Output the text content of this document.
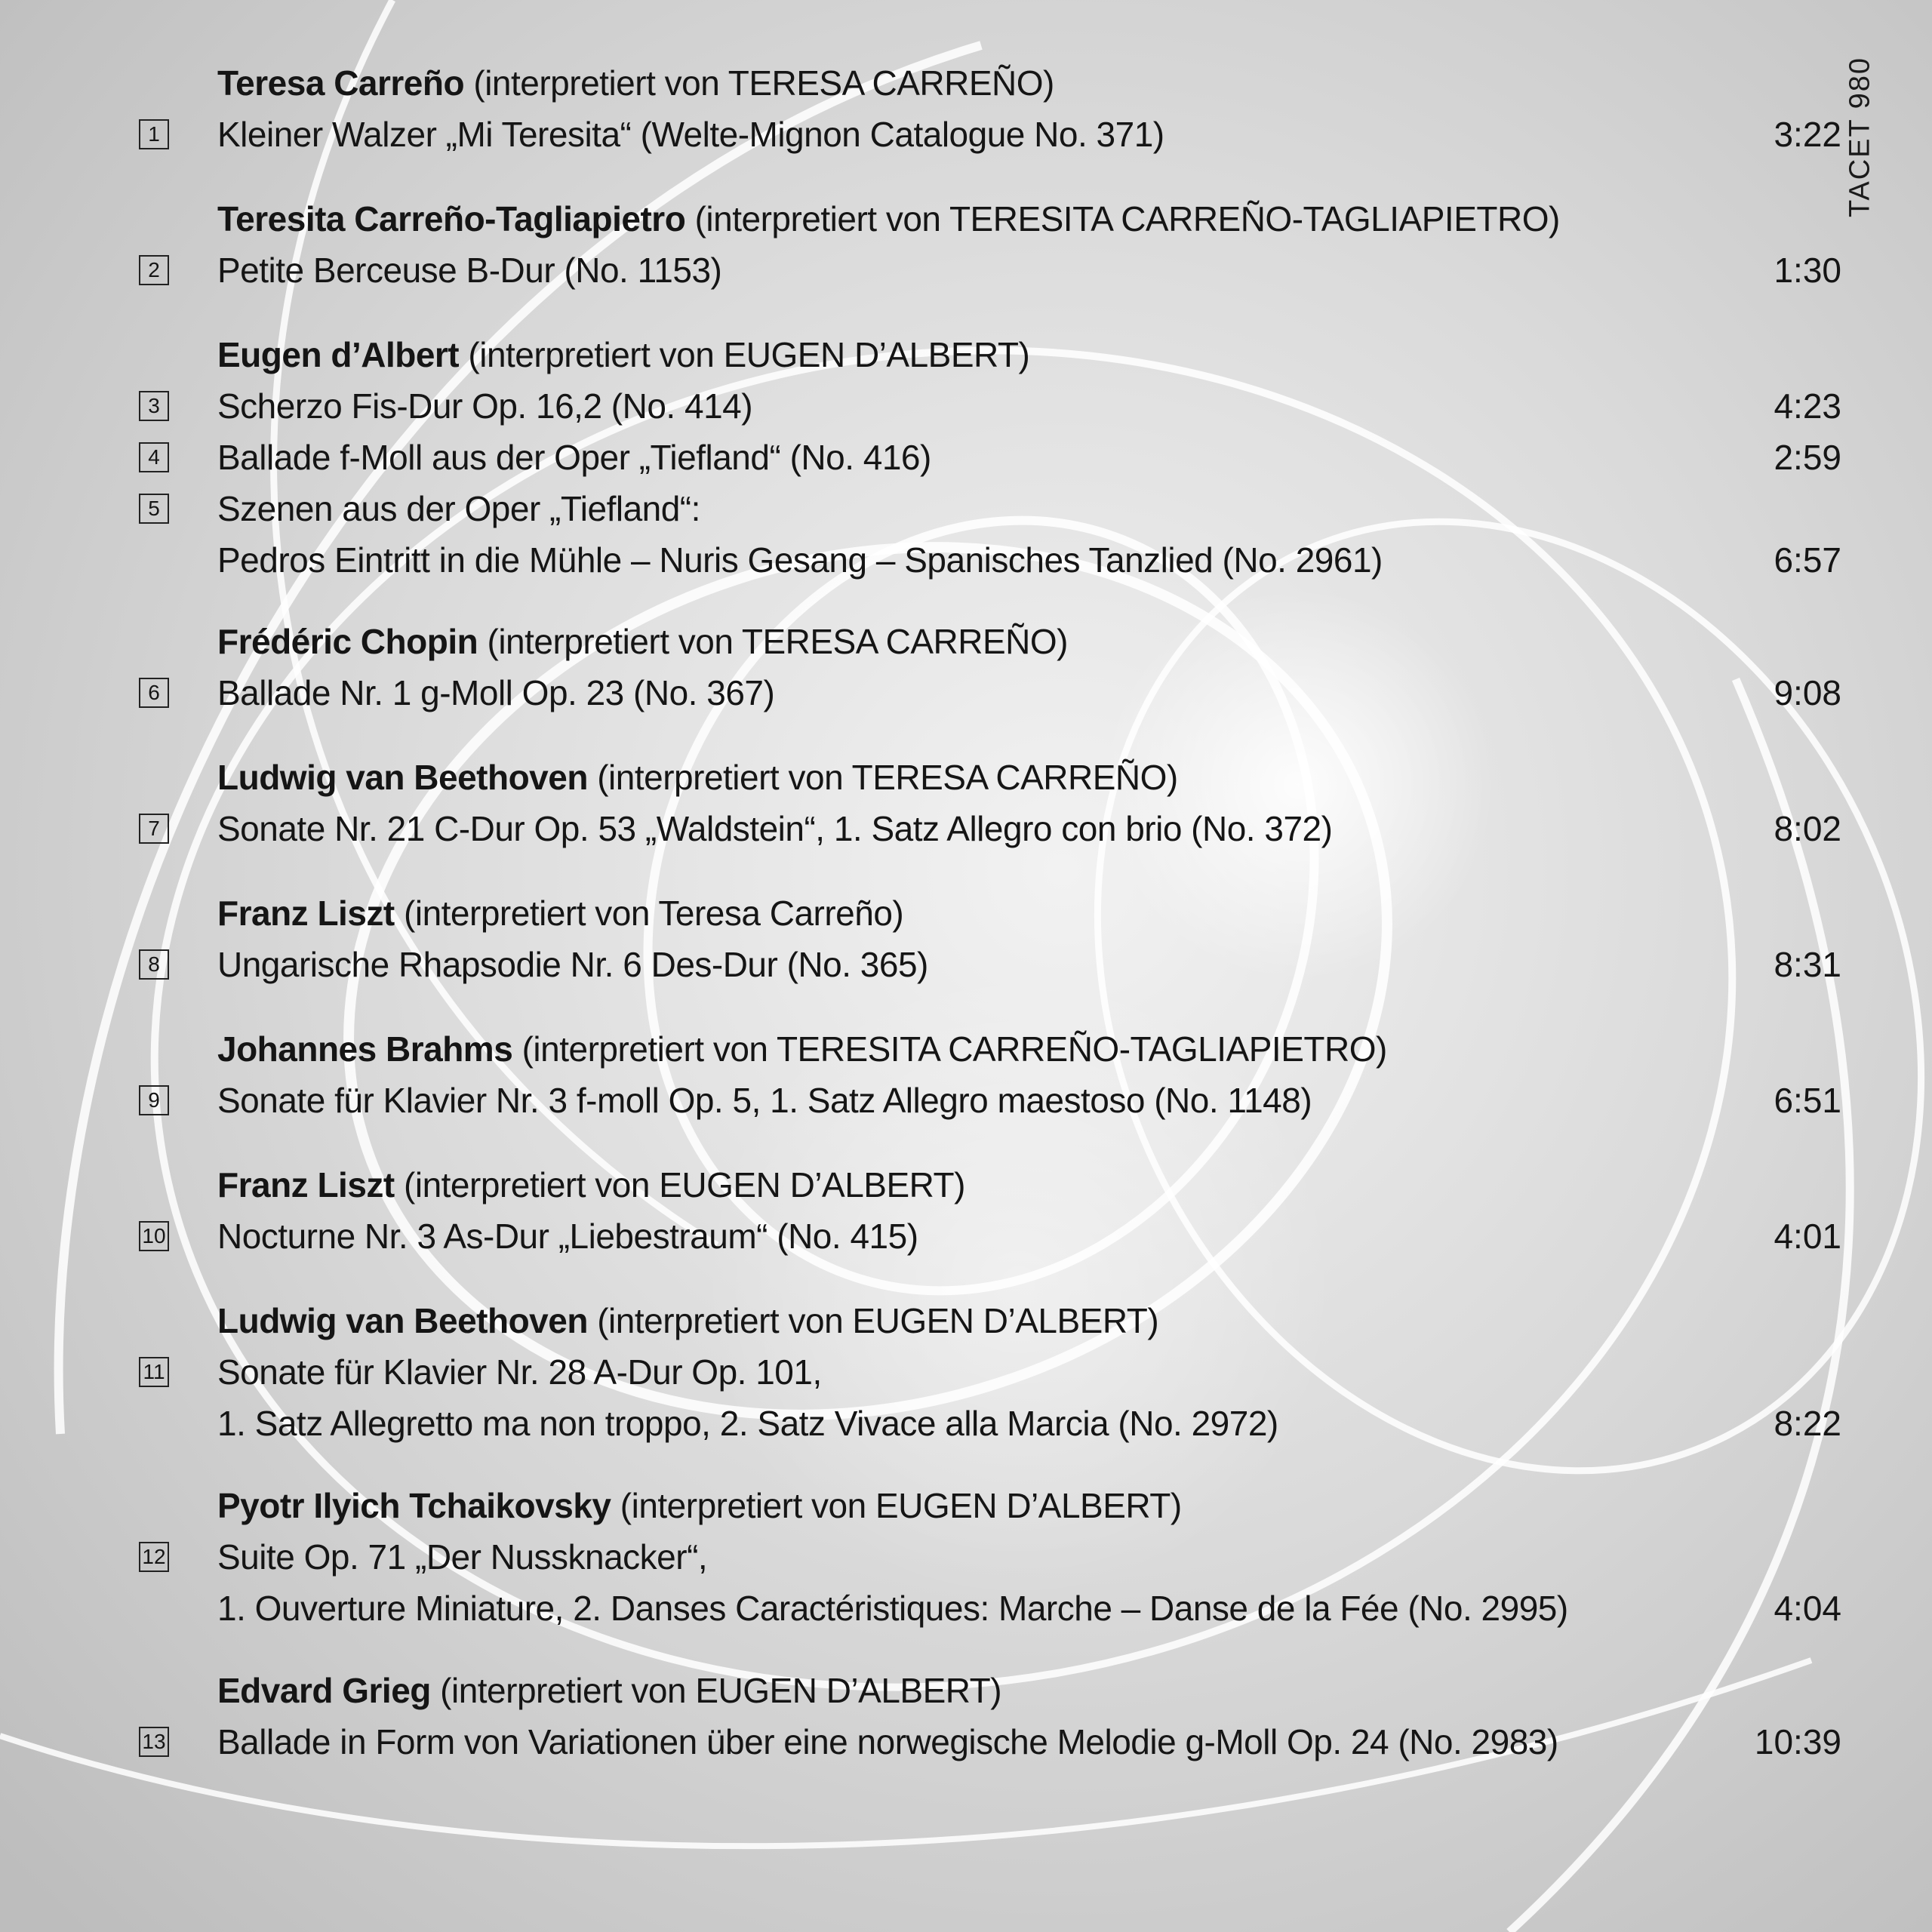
TACET 980
Teresa Carreño (interpretiert von TERESA CARREÑO)
1 Kleiner Walzer „Mi Teresita“ (Welte-Mignon Catalogue No. 371)	3:22
Teresita Carreño-Tagliapietro (interpretiert von TERESITA CARREÑO-TAGLIAPIETRO)
2 Petite Berceuse B-Dur (No. 1153)	1:30
Eugen d’Albert (interpretiert von EUGEN D’ALBERT)
3 Scherzo Fis-Dur Op. 16,2 (No. 414)	4:23
4 Ballade f-Moll aus der Oper „Tiefland“ (No. 416)	2:59
5 Szenen aus der Oper „Tiefland“:
Pedros Eintritt in die Mühle – Nuris Gesang – Spanisches Tanzlied (No. 2961)	6:57
Frédéric Chopin (interpretiert von TERESA CARREÑO)
6 Ballade Nr. 1 g-Moll Op. 23 (No. 367)	9:08
Ludwig van Beethoven (interpretiert von TERESA CARREÑO)
7 Sonate Nr. 21 C-Dur Op. 53 „Waldstein“, 1. Satz Allegro con brio (No. 372)	8:02
Franz Liszt (interpretiert von Teresa Carreño)
8 Ungarische Rhapsodie Nr. 6 Des-Dur (No. 365)	8:31
Johannes Brahms (interpretiert von TERESITA CARREÑO-TAGLIAPIETRO)
9 Sonate für Klavier Nr. 3 f-moll Op. 5, 1. Satz Allegro maestoso (No. 1148)	6:51
Franz Liszt (interpretiert von EUGEN D’ALBERT)
10 Nocturne Nr. 3 As-Dur „Liebestraum“ (No. 415)	4:01
Ludwig van Beethoven (interpretiert von EUGEN D’ALBERT)
11 Sonate für Klavier Nr. 28 A-Dur Op. 101,
1. Satz Allegretto ma non troppo, 2. Satz Vivace alla Marcia (No. 2972)	8:22
Pyotr Ilyich Tchaikovsky (interpretiert von EUGEN D’ALBERT)
12 Suite Op. 71 „Der Nussknacker“,
1. Ouverture Miniature, 2. Danses Caractéristiques: Marche – Danse de la Fée (No. 2995)	4:04
Edvard Grieg (interpretiert von EUGEN D’ALBERT)
13 Ballade in Form von Variationen über eine norwegische Melodie g-Moll Op. 24 (No. 2983)	10:39
